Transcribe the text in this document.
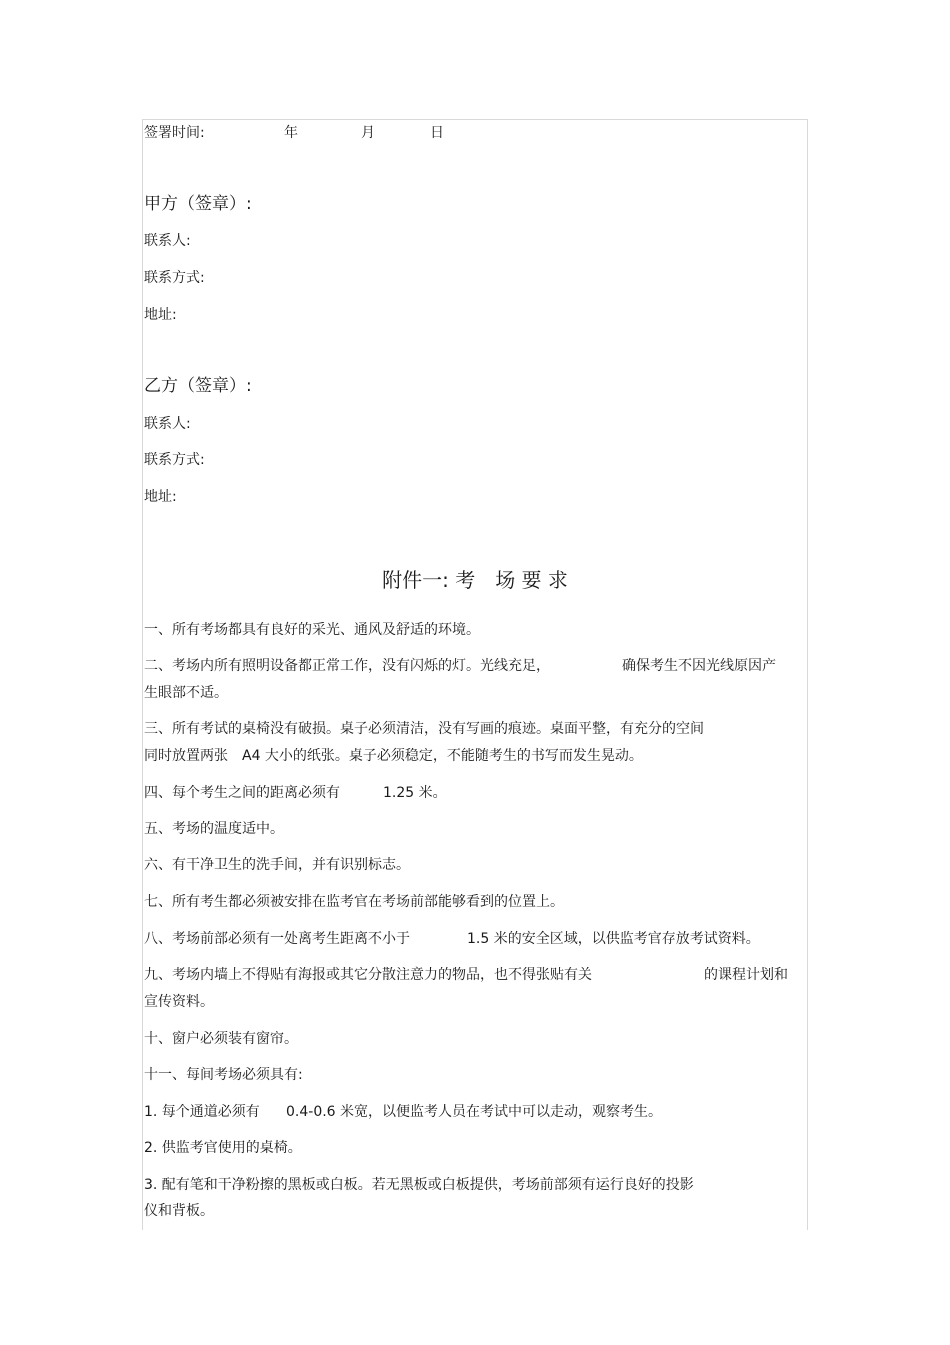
签署时间:	年	月	日
甲方（签章）:
联系人:
联系方式:
地址:
乙方（签章）:
联系人:
联系方式:
地址:
附件一: 考　场 要 求
一、所有考场都具有良好的采光、通风及舒适的环境。
二、考场内所有照明设备都正常工作，没有闪烁的灯。光线充足，	确保考生不因光线原因产
生眼部不适。
三、所有考试的桌椅没有破损。桌子必须清洁，没有写画的痕迹。桌面平整，有充分的空间
同时放置两张　A4 大小的纸张。桌子必须稳定，不能随考生的书写而发生晃动。
四、每个考生之间的距离必须有	1.25 米。
五、考场的温度适中。
六、有干净卫生的洗手间，并有识别标志。
七、所有考生都必须被安排在监考官在考场前部能够看到的位置上。
八、考场前部必须有一处离考生距离不小于	1.5 米的安全区域，以供监考官存放考试资料。
九、考场内墙上不得贴有海报或其它分散注意力的物品，也不得张贴有关	的课程计划和
宣传资料。
十、窗户必须装有窗帘。
十一、每间考场必须具有:
1. 每个通道必须有 0.4-0.6 米宽，以便监考人员在考试中可以走动，观察考生。
2. 供监考官使用的桌椅。
3. 配有笔和干净粉擦的黑板或白板。若无黑板或白板提供，考场前部须有运行良好的投影
仪和背板。
